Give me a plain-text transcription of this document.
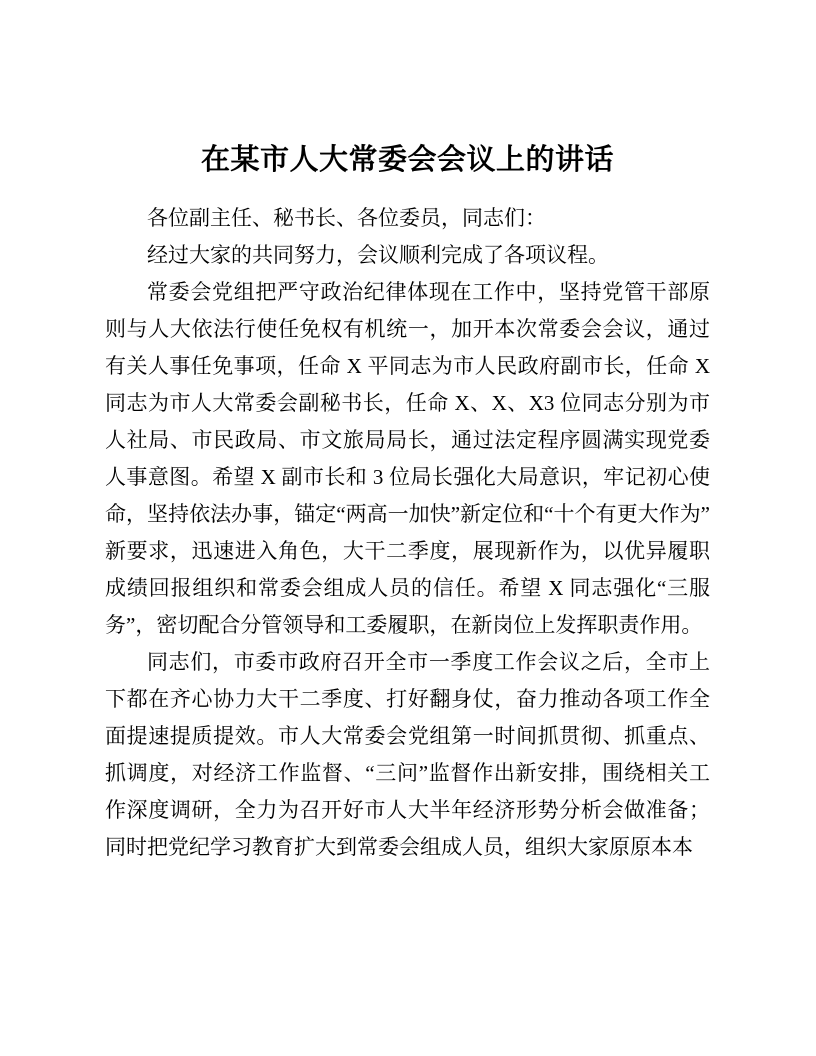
在某市人大常委会会议上的讲话

各位副主任、秘书长、各位委员，同志们：

经过大家的共同努力，会议顺利完成了各项议程。

常委会党组把严守政治纪律体现在工作中，坚持党管干部原则与人大依法行使任免权有机统一，加开本次常委会会议，通过有关人事任免事项，任命 X 平同志为市人民政府副市长，任命 X 同志为市人大常委会副秘书长，任命 X、X、X3 位同志分别为市人社局、市民政局、市文旅局局长，通过法定程序圆满实现党委人事意图。希望 X 副市长和 3 位局长强化大局意识，牢记初心使命，坚持依法办事，锚定“两高一加快”新定位和“十个有更大作为”新要求，迅速进入角色，大干二季度，展现新作为，以优异履职成绩回报组织和常委会组成人员的信任。希望 X 同志强化“三服务”，密切配合分管领导和工委履职，在新岗位上发挥职责作用。

同志们，市委市政府召开全市一季度工作会议之后，全市上下都在齐心协力大干二季度、打好翻身仗，奋力推动各项工作全面提速提质提效。市人大常委会党组第一时间抓贯彻、抓重点、抓调度，对经济工作监督、“三问”监督作出新安排，围绕相关工作深度调研，全力为召开好市人大半年经济形势分析会做准备；同时把党纪学习教育扩大到常委会组成人员，组织大家原原本本
